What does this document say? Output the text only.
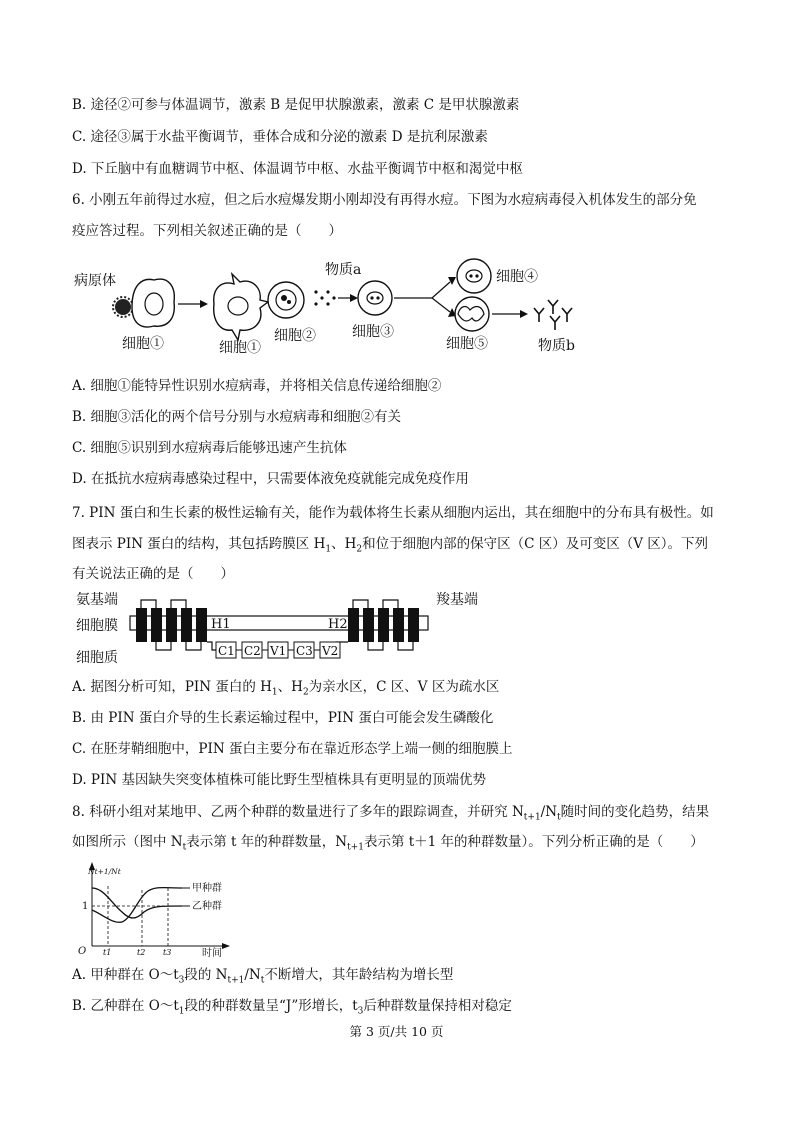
B. 途径②可参与体温调节，激素 B 是促甲状腺激素，激素 C 是甲状腺激素
C. 途径③属于水盐平衡调节，垂体合成和分泌的激素 D 是抗利尿激素
D. 下丘脑中有血糖调节中枢、体温调节中枢、水盐平衡调节中枢和渴觉中枢
6. 小刚五年前得过水痘，但之后水痘爆发期小刚却没有再得水痘。下图为水痘病毒侵入机体发生的部分免
疫应答过程。下列相关叙述正确的是（　　）
病原体
细胞①	细胞①
细胞②
物质a
细胞③
细胞④
细胞⑤	物质b
A. 细胞①能特异性识别水痘病毒，并将相关信息传递给细胞②
B. 细胞③活化的两个信号分别与水痘病毒和细胞②有关
C. 细胞⑤识别到水痘病毒后能够迅速产生抗体
D. 在抵抗水痘病毒感染过程中，只需要体液免疫就能完成免疫作用
7. PIN 蛋白和生长素的极性运输有关，能作为载体将生长素从细胞内运出，其在细胞中的分布具有极性。如
图表示 PIN 蛋白的结构，其包括跨膜区 $H_1$、$H_2$和位于细胞内部的保守区（C 区）及可变区（V 区）。下列
有关说法正确的是（　　）
氨基端	羧基端
细胞膜
细胞质
H1	H2
C1 C2 V1 C3 V2
A. 据图分析可知，PIN 蛋白的 $H_1$、$H_2$为亲水区，C 区、V 区为疏水区
B. 由 PIN 蛋白介导的生长素运输过程中，PIN 蛋白可能会发生磷酸化
C. 在胚芽鞘细胞中，PIN 蛋白主要分布在靠近形态学上端一侧的细胞膜上
D. PIN 基因缺失突变体植株可能比野生型植株具有更明显的顶端优势
8. 科研小组对某地甲、乙两个种群的数量进行了多年的跟踪调查，并研究 $N_{t+1}/N_t$随时间的变化趋势，结果
如图所示（图中 $N_t$表示第 t 年的种群数量，$N_{t+1}$表示第 t＋1 年的种群数量）。下列分析正确的是（　　）
Nt+1/Nt
O	时间
1
t1	t2 t3
甲种群
乙种群
A. 甲种群在 $O\sim t_3$段的 $N_{t+1}/N_t$不断增大，其年龄结构为增长型
B. 乙种群在 $O\sim t_1$段的种群数量呈“J”形增长，$t_3$后种群数量保持相对稳定
第 3 页/共 10 页
